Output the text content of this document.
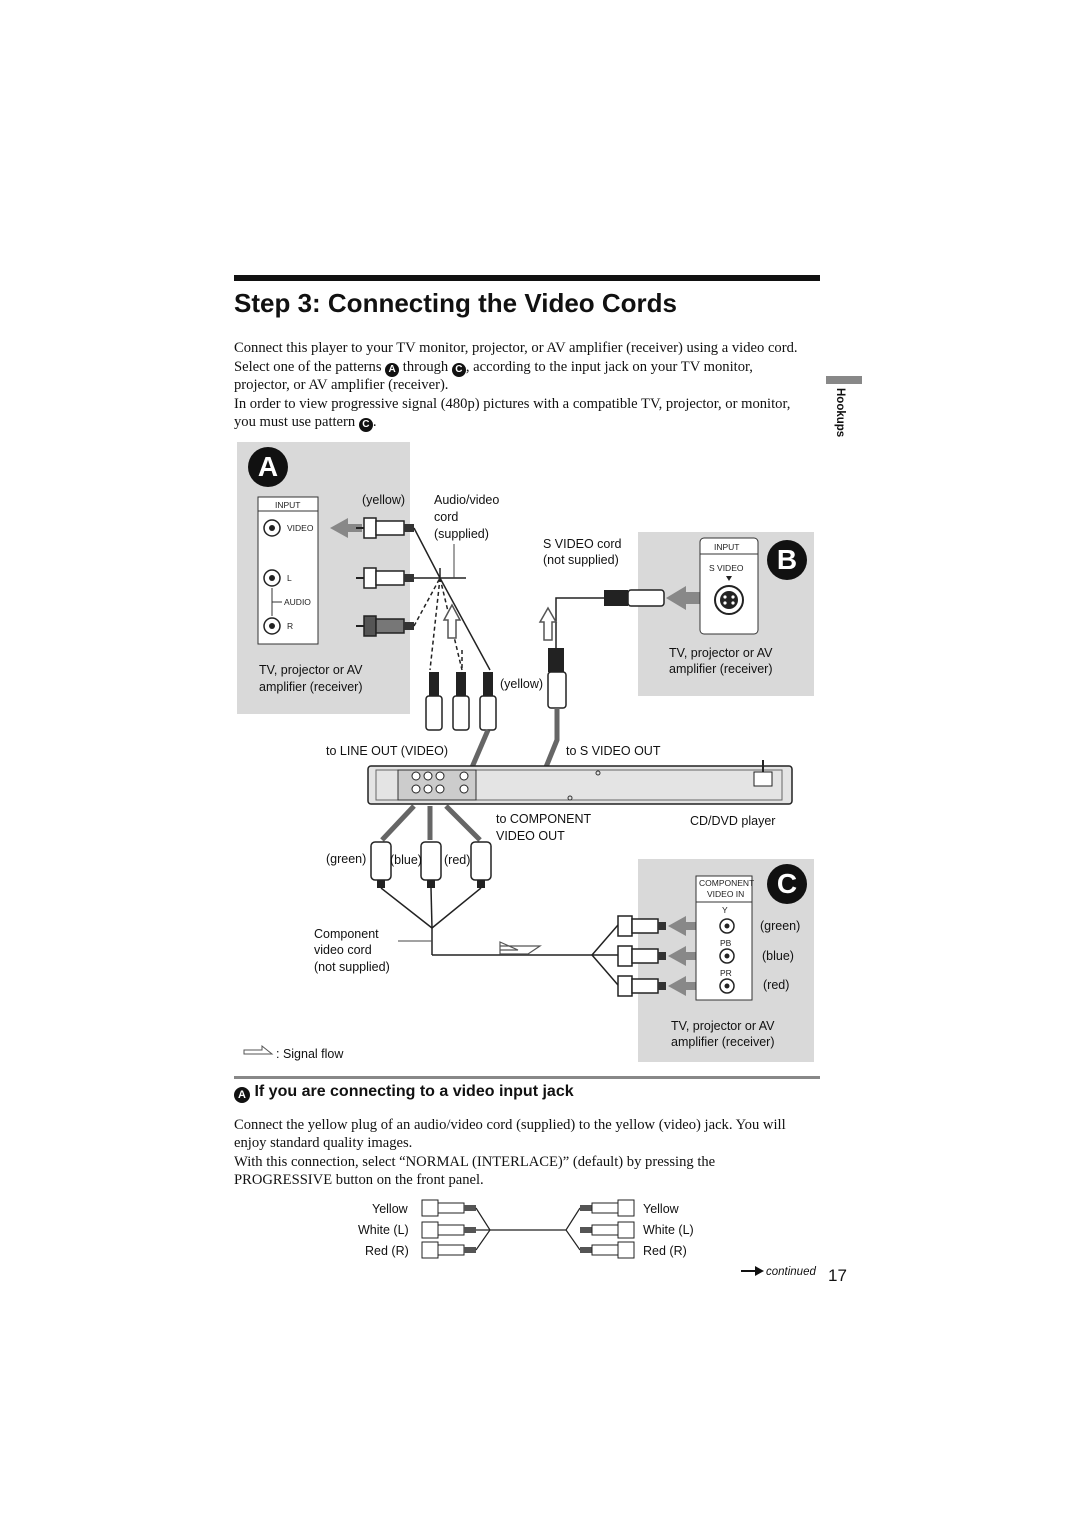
Step 3: Connecting the Video Cords
Hookups
Connect this player to your TV monitor, projector, or AV amplifier (receiver) using a video cord.
Select one of the patterns A through C , according to the input jack on your TV monitor,
projector, or AV amplifier (receiver).
In order to view progressive signal (480p) pictures with a compatible TV, projector, or monitor,
you must use pattern C .
A
B
C
INPUT
VIDEO
L
AUDIO
R
TV, projector or AV
amplifier (receiver)
(yellow) Audio/video
cord
(supplied)
(yellow)
S VIDEO cord
(not supplied)
INPUT
S VIDEO
TV, projector or AV
amplifier (receiver)
to LINE OUT (VIDEO)	to S VIDEO OUT
to COMPONENT
VIDEO OUT
CD/DVD player
(green) (blue) (red)
Component
video cord
(not supplied)
COMPONENT
VIDEO IN
Y
PB
PR
(green)
(blue)
(red)
TV, projector or AV
amplifier (receiver)
: Signal flow
A If you are connecting to a video input jack
Connect the yellow plug of an audio/video cord (supplied) to the yellow (video) jack. You will
enjoy standard quality images.
With this connection, select “NORMAL (INTERLACE)” (default) by pressing the
PROGRESSIVE button on the front panel.
Yellow
White (L)
Red (R)
Yellow
White (L)
Red (R)
continued 17
